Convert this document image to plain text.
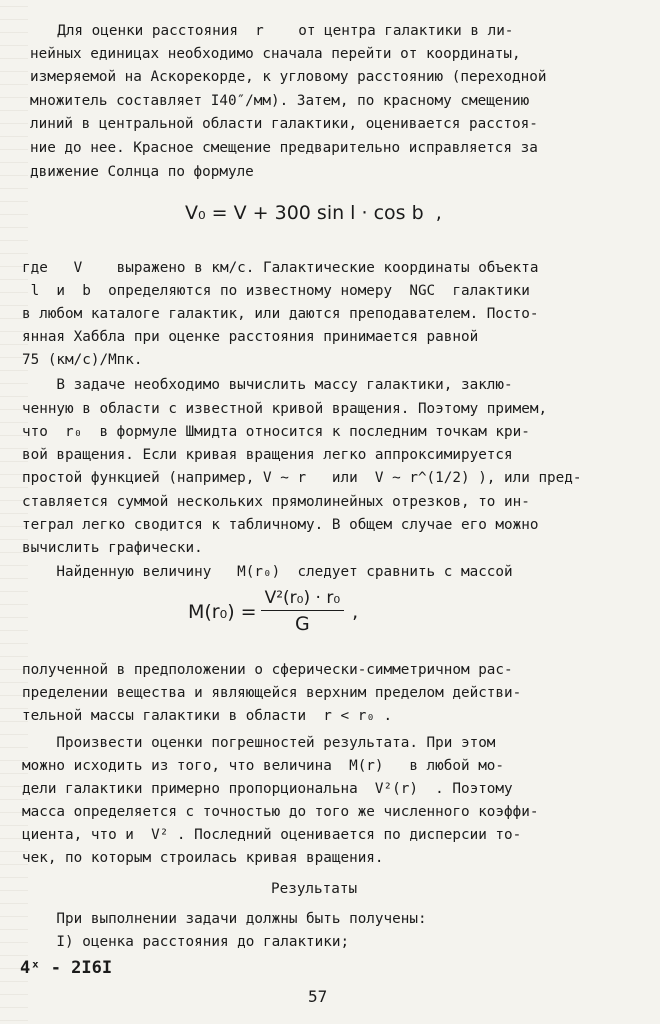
Для оценки расстояния  r    от центра галактики в ли-

нейных единицах необходимо сначала перейти от координаты,

измеряемой на Аскорекорде, к угловому расстоянию (переходной

множитель составляет I40″/мм). Затем, по красному смещению

линий в центральной области галактики, оценивается расстоя-

ние до нее. Красное смещение предварительно исправляется за

движение Солнца по формуле

V₀ = V + 300 sin l · cos b  ,

где   V    выражено в км/с. Галактические координаты объекта

l  и  b  определяются по известному номеру  NGC  галактики

в любом каталоге галактик, или даются преподавателем. Посто-

янная Хаббла при оценке расстояния принимается равной

75 (км/с)/Мпк.

В задаче необходимо вычислить массу галактики, заклю-

ченную в области с известной кривой вращения. Поэтому примем,

что  r₀  в формуле Шмидта относится к последним точкам кри-

вой вращения. Если кривая вращения легко аппроксимируется

простой функцией (например, V ~ r   или  V ~ r^(1/2) ), или пред-

ставляется суммой нескольких прямолинейных отрезков, то ин-

теграл легко сводится к табличному. В общем случае его можно

вычислить графически.

Найденную величину   M(r₀)  следует сравнить с массой

$M(r_0) = \frac{\text{V²(r₀) · r₀}}{G}$ ,

полученной в предположении о сферически-симметричном рас-

пределении вещества и являющейся верхним пределом действи-

тельной массы галактики в области  r < r₀ .

Произвести оценки погрешностей результата. При этом

можно исходить из того, что величина  M(r)   в любой мо-

дели галактики примерно пропорциональна  V²(r)  . Поэтому

масса определяется с точностью до того же численного коэффи-

циента, что и  V² . Последний оценивается по дисперсии то-

чек, по которым строилась кривая вращения.

Результаты

При выполнении задачи должны быть получены:

I) оценка расстояния до галактики;

4ˣ - 2I6I

57
